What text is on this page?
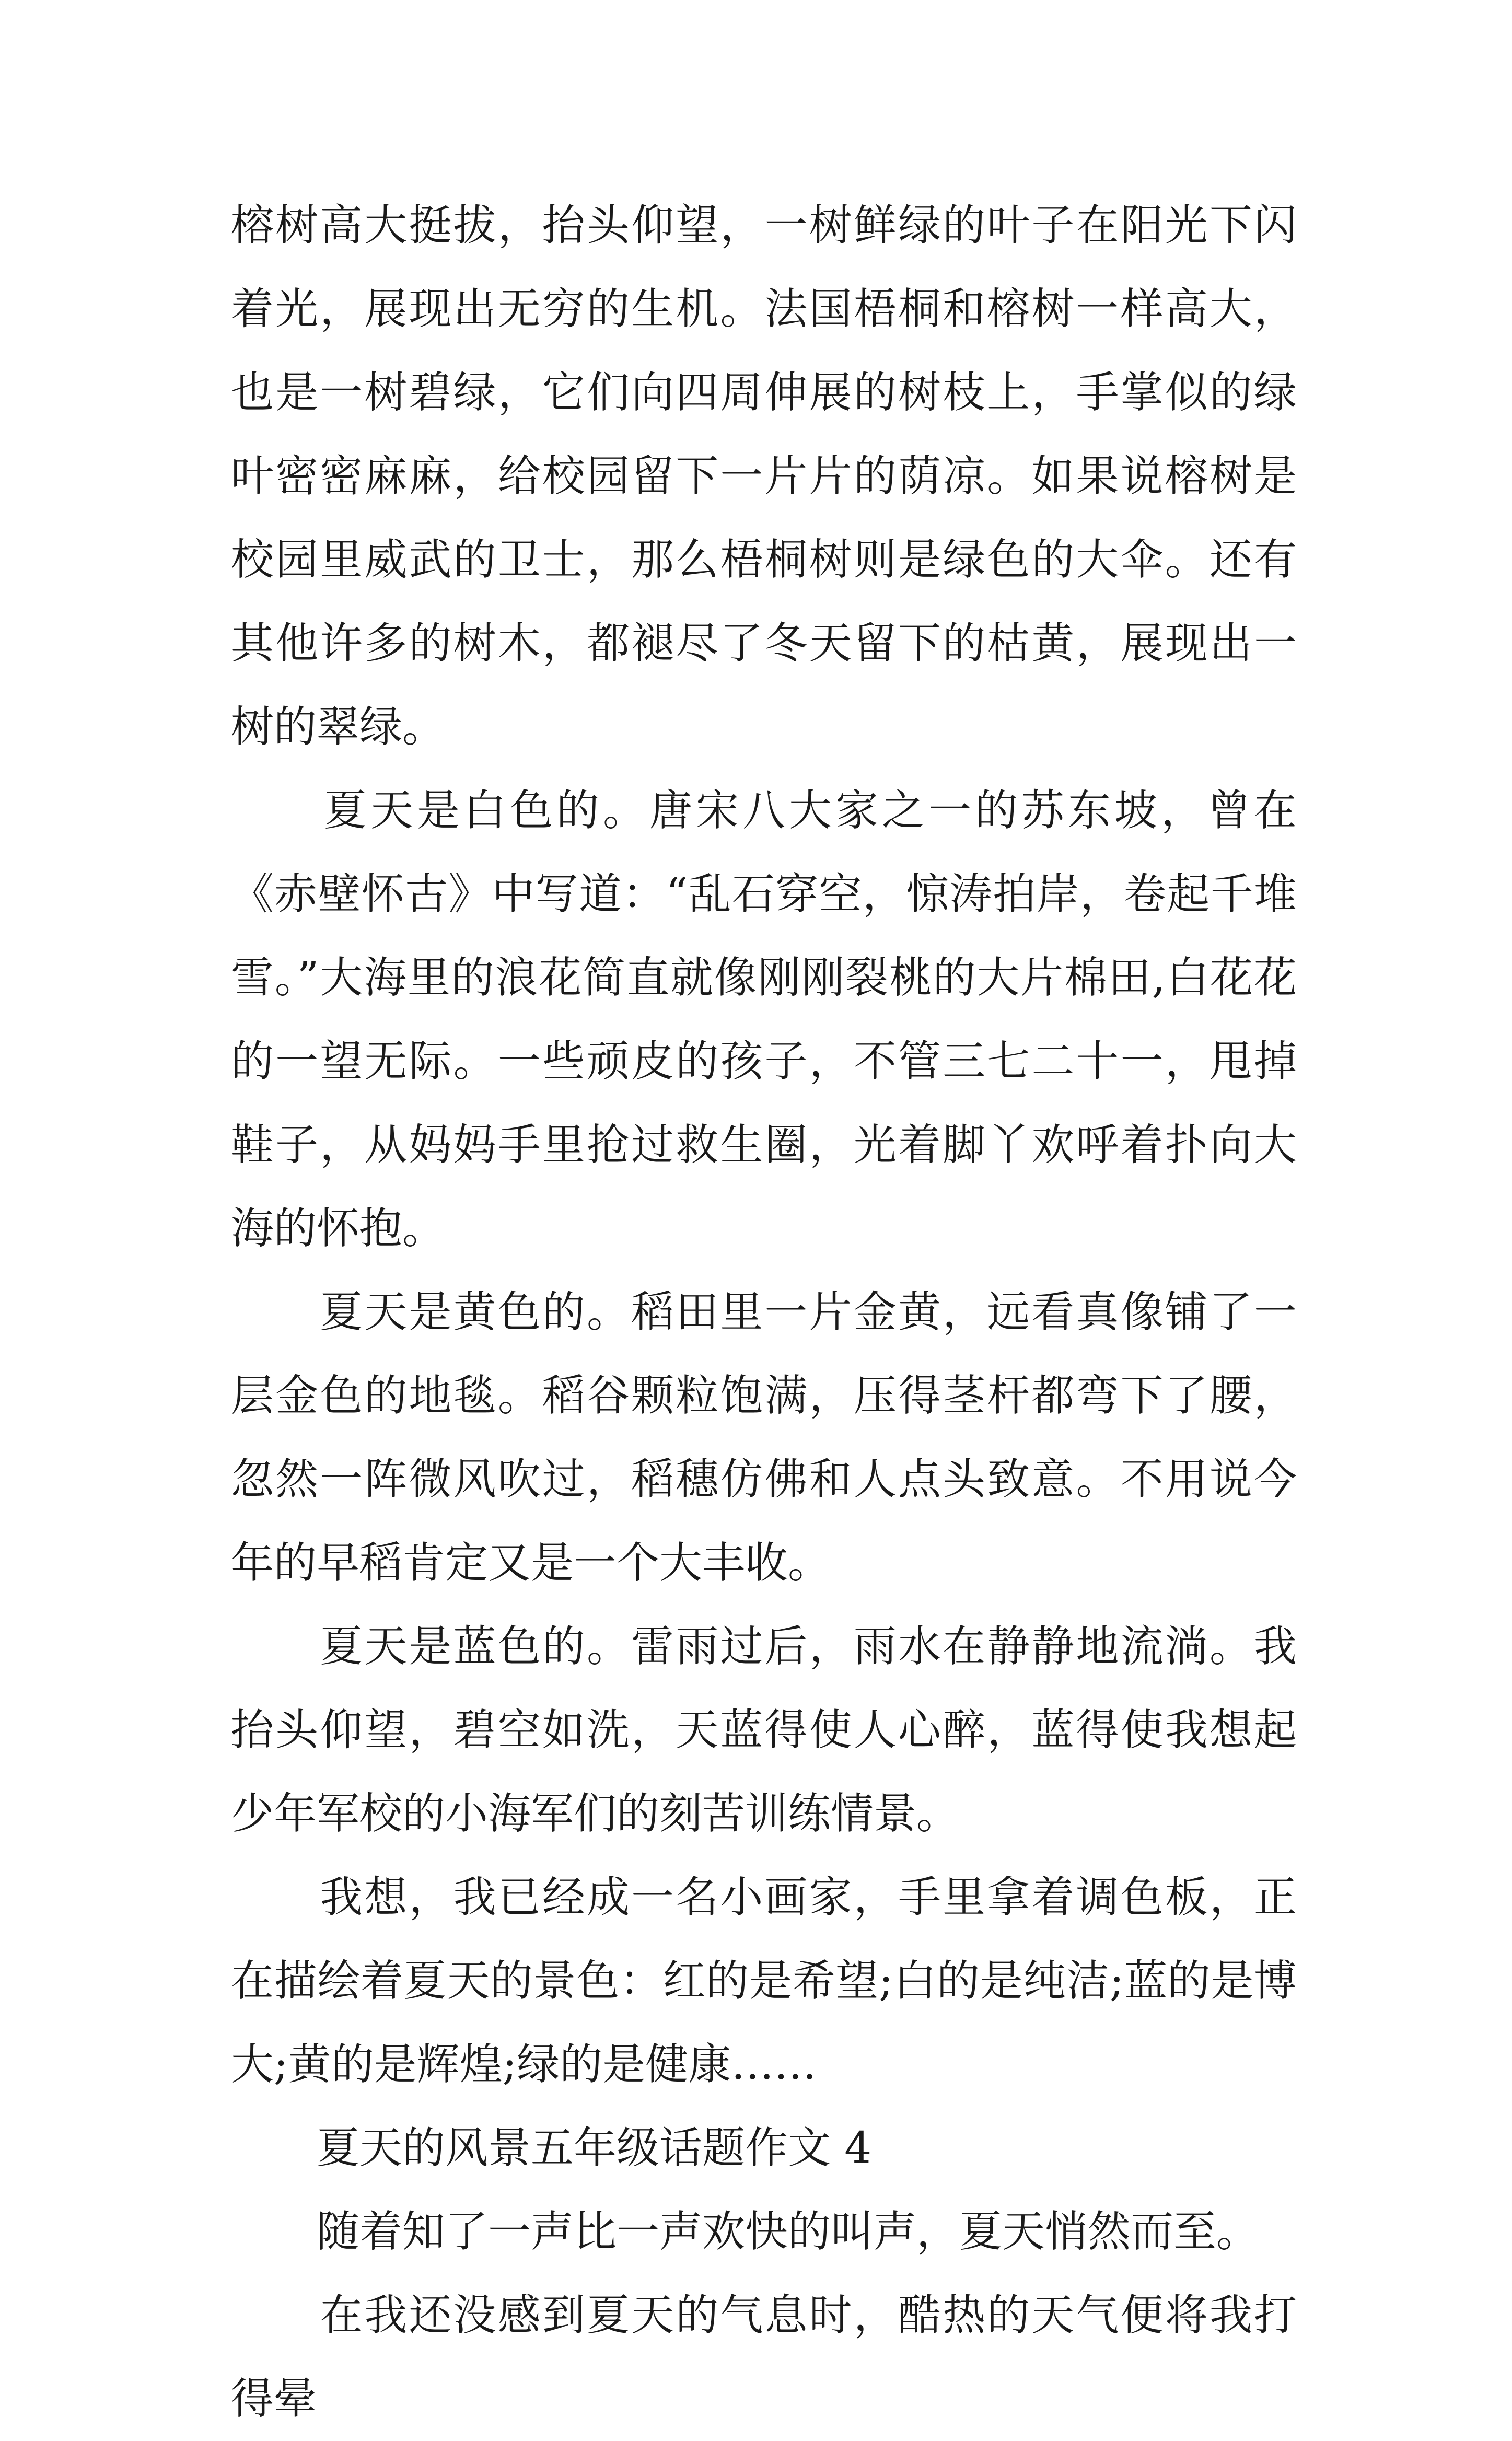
榕树高大挺拔，抬头仰望，一树鲜绿的叶子在阳光下闪着光，展现出无穷的生机。法国梧桐和榕树一样高大，也是一树碧绿，它们向四周伸展的树枝上，手掌似的绿叶密密麻麻，给校园留下一片片的荫凉。如果说榕树是校园里威武的卫士，那么梧桐树则是绿色的大伞。还有其他许多的树木，都褪尽了冬天留下的枯黄，展现出一树的翠绿。

　　夏天是白色的。唐宋八大家之一的苏东坡，曾在《赤壁怀古》中写道：“乱石穿空，惊涛拍岸，卷起千堆雪。”大海里的浪花简直就像刚刚裂桃的大片棉田,白花花的一望无际。一些顽皮的孩子，不管三七二十一，甩掉鞋子，从妈妈手里抢过救生圈，光着脚丫欢呼着扑向大海的怀抱。

　　夏天是黄色的。稻田里一片金黄，远看真像铺了一层金色的地毯。稻谷颗粒饱满，压得茎杆都弯下了腰，忽然一阵微风吹过，稻穗仿佛和人点头致意。不用说今年的早稻肯定又是一个大丰收。

　　夏天是蓝色的。雷雨过后，雨水在静静地流淌。我抬头仰望，碧空如洗，天蓝得使人心醉，蓝得使我想起少年军校的小海军们的刻苦训练情景。

　　我想，我已经成一名小画家，手里拿着调色板，正在描绘着夏天的景色：红的是希望;白的是纯洁;蓝的是博大;黄的是辉煌;绿的是健康……

　　夏天的风景五年级话题作文 4

　　随着知了一声比一声欢快的叫声，夏天悄然而至。

　　在我还没感到夏天的气息时，酷热的天气便将我打得晕
